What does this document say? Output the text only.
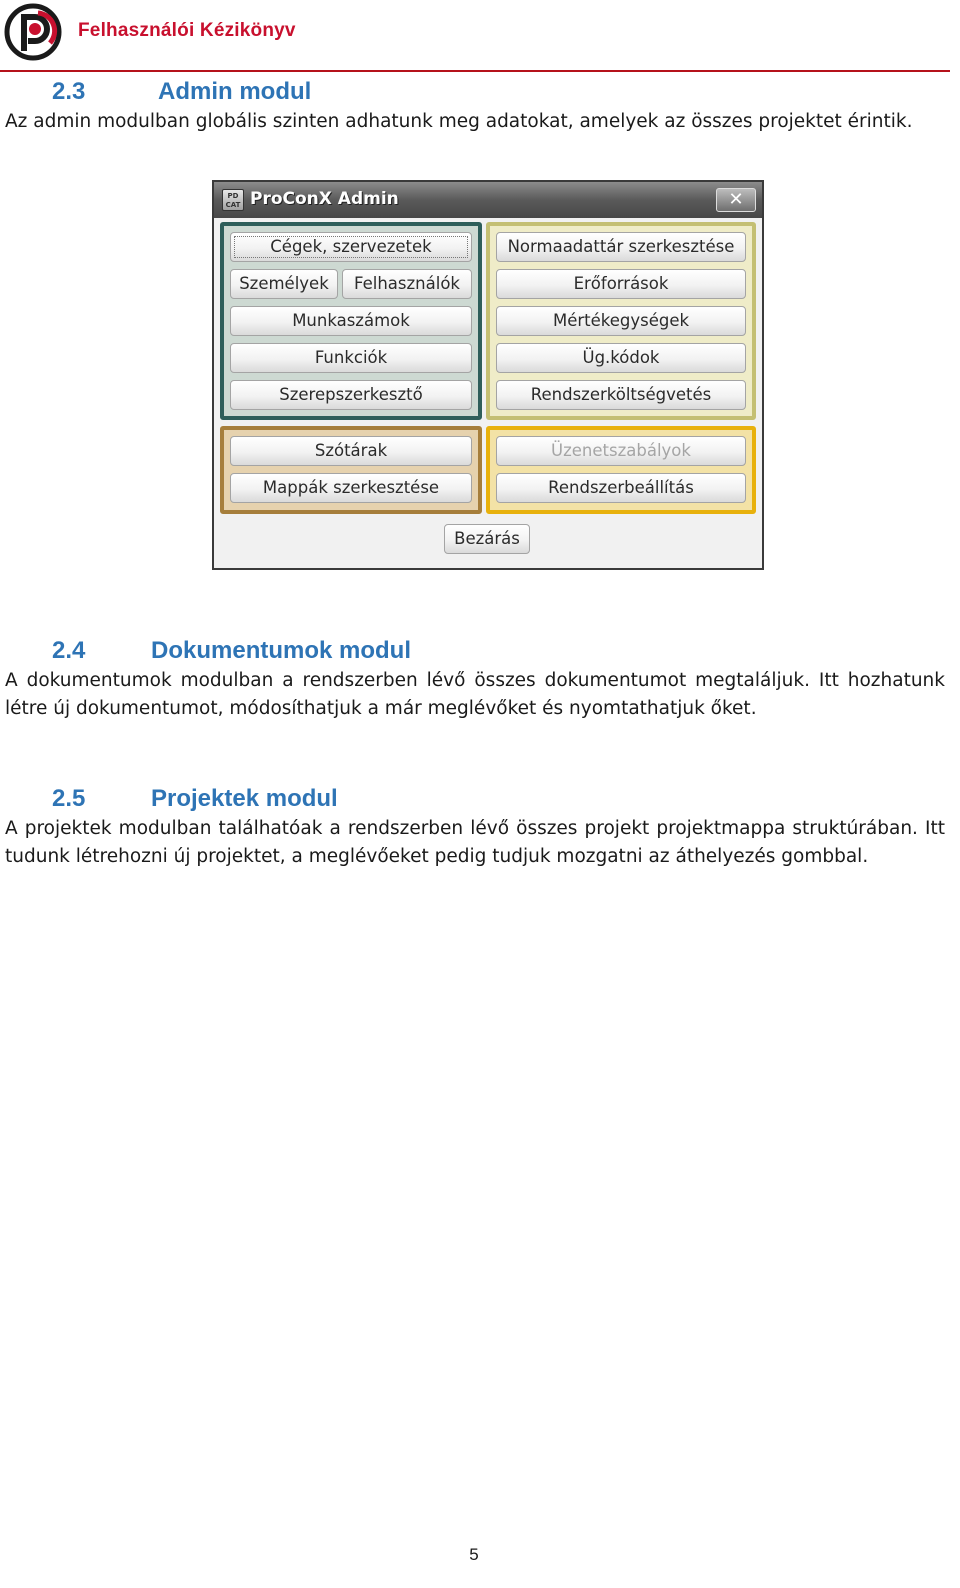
Felhasználói Kézikönyv
2.3	Admin modul
Az admin modulban globális szinten adhatunk meg adatokat, amelyek az összes projektet érintik.
PD CAT ProConX Admin	✕
Cégek, szervezetek
Személyek	Felhasználók
Munkaszámok
Funkciók
Szerepszerkesztő
Normaadattár szerkesztése
Erőforrások
Mértékegységek
Üg.kódok
Rendszerköltségvetés
Szótárak
Mappák szerkesztése
Üzenetszabályok
Rendszerbeállítás
Bezárás
2.4	Dokumentumok modul
A dokumentumok modulban a rendszerben lévő összes dokumentumot megtaláljuk. Itt hozhatunk létre új dokumentumot, módosíthatjuk a már meglévőket és nyomtathatjuk őket.
2.5	Projektek modul
A projektek modulban találhatóak a rendszerben lévő összes projekt projektmappa struktúrában. Itt tudunk létrehozni új projektet, a meglévőeket pedig tudjuk mozgatni az áthelyezés gombbal.
5
